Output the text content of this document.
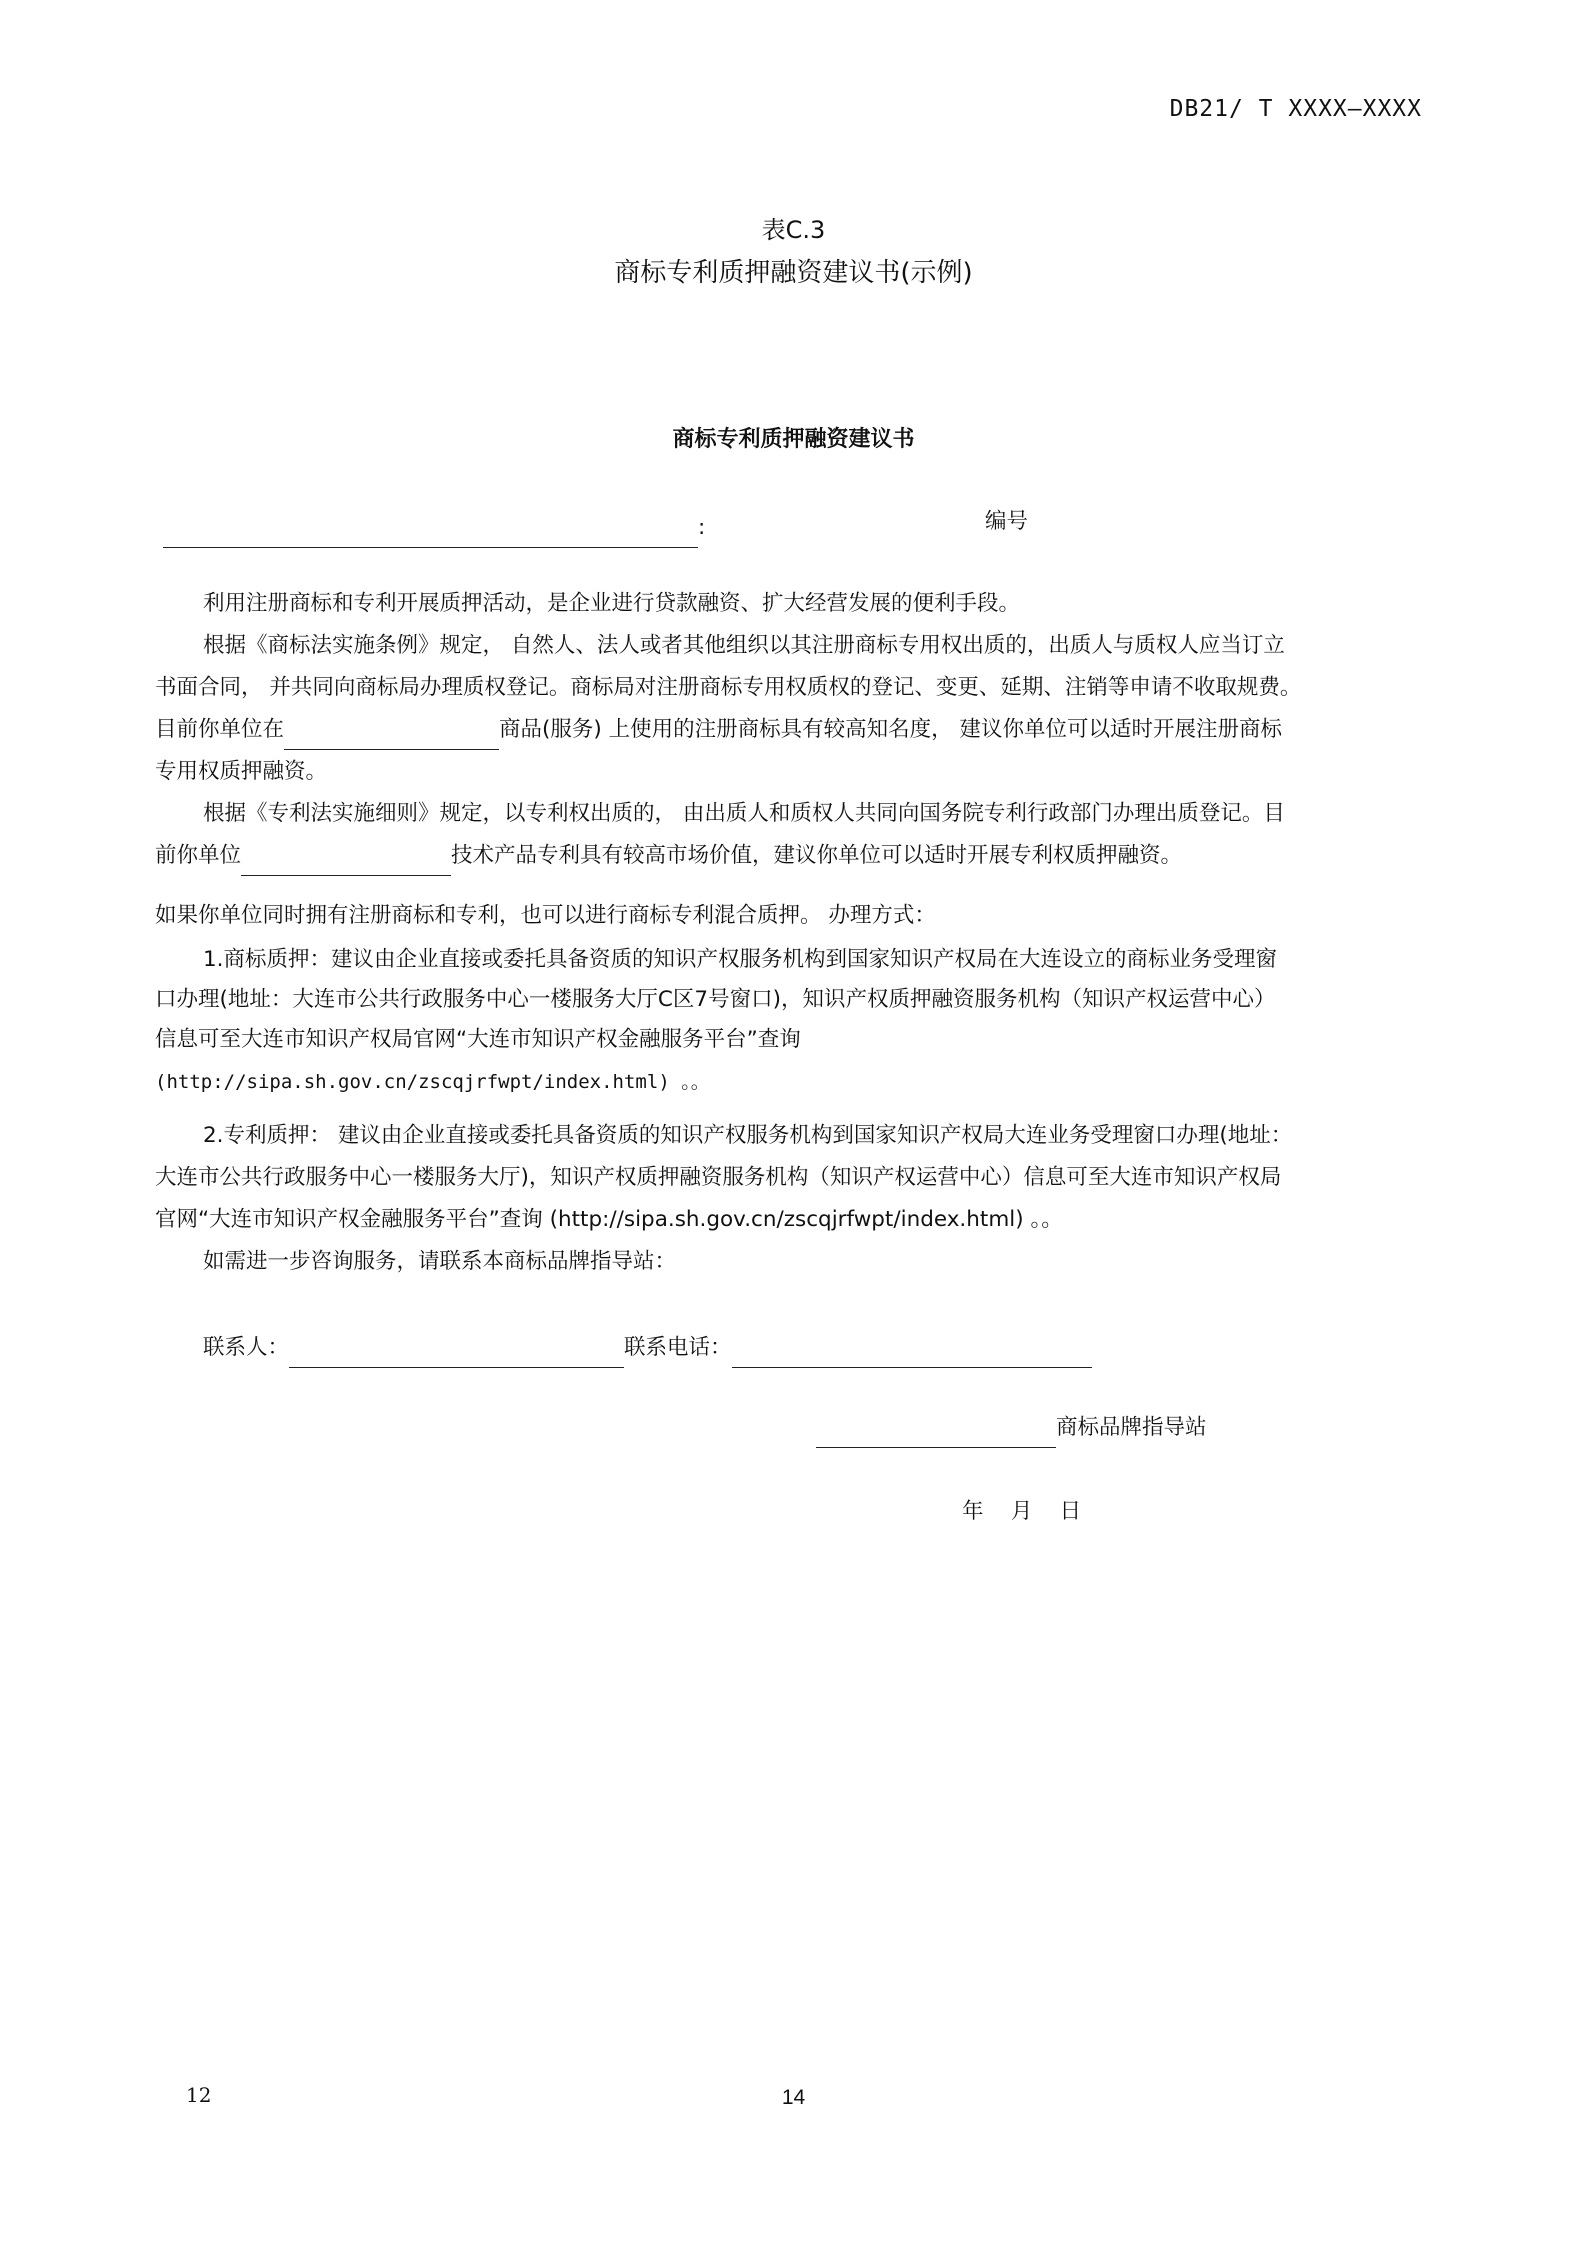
DB21/ T XXXX—XXXX
表C.3
商标专利质押融资建议书(示例)
商标专利质押融资建议书
:	编号
利用注册商标和专利开展质押活动，是企业进行贷款融资、扩大经营发展的便利手段。
根据《商标法实施条例》规定， 自然人、法人或者其他组织以其注册商标专用权出质的，出质人与质权人应当订立
书面合同， 并共同向商标局办理质权登记。商标局对注册商标专用权质权的登记、变更、延期、注销等申请不收取规费。
目前你单位在	商品(服务) 上使用的注册商标具有较高知名度， 建议你单位可以适时开展注册商标
专用权质押融资。
根据《专利法实施细则》规定，以专利权出质的， 由出质人和质权人共同向国务院专利行政部门办理出质登记。目
前你单位	技术产品专利具有较高市场价值，建议你单位可以适时开展专利权质押融资。
如果你单位同时拥有注册商标和专利，也可以进行商标专利混合质押。 办理方式：
1.商标质押：建议由企业直接或委托具备资质的知识产权服务机构到国家知识产权局在大连设立的商标业务受理窗
口办理(地址：大连市公共行政服务中心一楼服务大厅C区7号窗口)，知识产权质押融资服务机构（知识产权运营中心）
信息可至大连市知识产权局官网“大连市知识产权金融服务平台”查询
(http://sipa.sh.gov.cn/zscqjrfwpt/index.html) 。。
2.专利质押： 建议由企业直接或委托具备资质的知识产权服务机构到国家知识产权局大连业务受理窗口办理(地址：
大连市公共行政服务中心一楼服务大厅)，知识产权质押融资服务机构（知识产权运营中心）信息可至大连市知识产权局
官网“大连市知识产权金融服务平台”查询 (http://sipa.sh.gov.cn/zscqjrfwpt/index.html) 。。
如需进一步咨询服务，请联系本商标品牌指导站：
联系人：	联系电话：
商标品牌指导站
年    月    日
12	14
